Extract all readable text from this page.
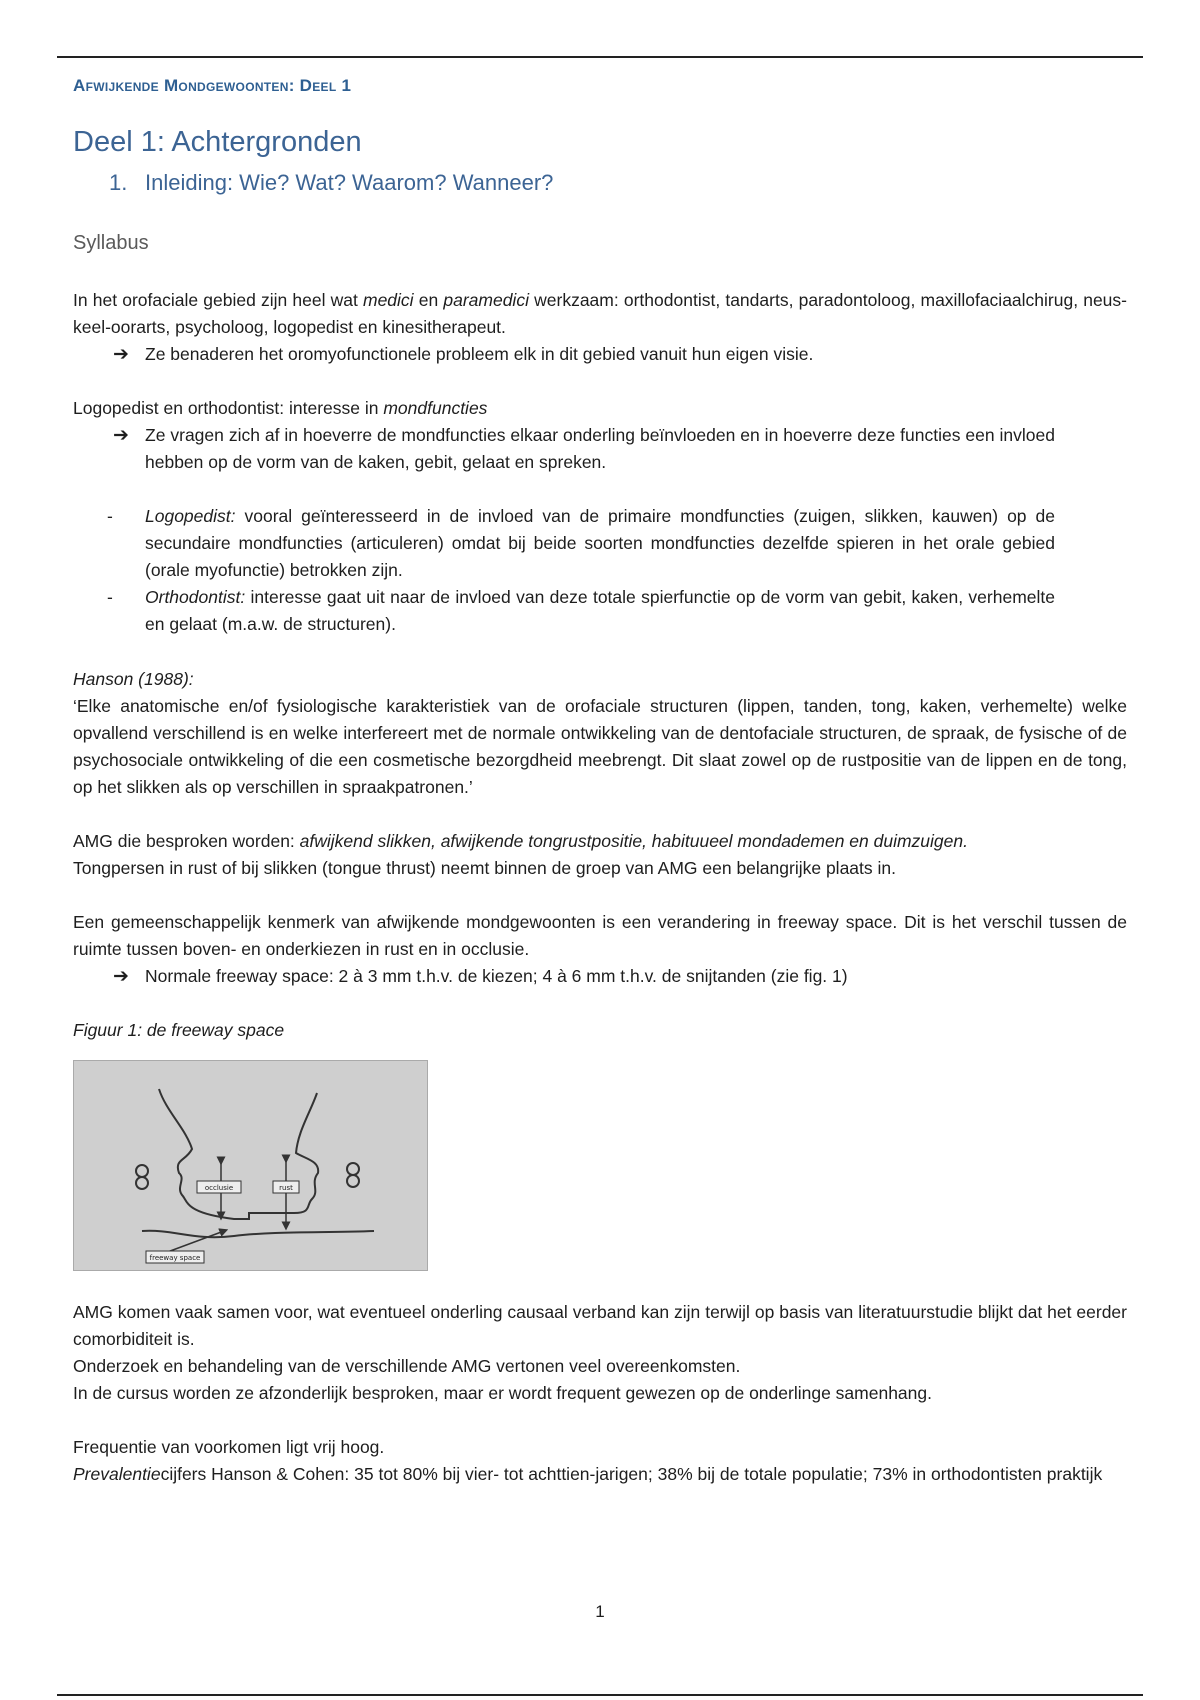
Afwijkende Mondgewoonten: Deel 1
Deel 1: Achtergronden
1. Inleiding: Wie? Wat? Waarom? Wanneer?
Syllabus

In het orofaciale gebied zijn heel wat medici en paramedici werkzaam: orthodontist, tandarts, paradontoloog, maxillofaciaalchirug, neus-keel-oorarts, psycholoog, logopedist en kinesitherapeut.

➔ Ze benaderen het oromyofunctionele probleem elk in dit gebied vanuit hun eigen visie.

Logopedist en orthodontist: interesse in mondfuncties

➔ Ze vragen zich af in hoeverre de mondfuncties elkaar onderling beïnvloeden en in hoeverre deze functies een invloed hebben op de vorm van de kaken, gebit, gelaat en spreken.
- Logopedist: vooral geïnteresseerd in de invloed van de primaire mondfuncties (zuigen, slikken, kauwen) op de secundaire mondfuncties (articuleren) omdat bij beide soorten mondfuncties dezelfde spieren in het orale gebied (orale myofunctie) betrokken zijn.
- Orthodontist: interesse gaat uit naar de invloed van deze totale spierfunctie op de vorm van gebit, kaken, verhemelte en gelaat (m.a.w. de structuren).

Hanson (1988):

‘Elke anatomische en/of fysiologische karakteristiek van de orofaciale structuren (lippen, tanden, tong, kaken, verhemelte) welke opvallend verschillend is en welke interfereert met de normale ontwikkeling van de dentofaciale structuren, de spraak, de fysische of de psychosociale ontwikkeling of die een cosmetische bezorgdheid meebrengt. Dit slaat zowel op de rustpositie van de lippen en de tong, op het slikken als op verschillen in spraakpatronen.’

AMG die besproken worden: afwijkend slikken, afwijkende tongrustpositie, habituueel mondademen en duimzuigen.
Tongpersen in rust of bij slikken (tongue thrust) neemt binnen de groep van AMG een belangrijke plaats in.

Een gemeenschappelijk kenmerk van afwijkende mondgewoonten is een verandering in freeway space. Dit is het verschil tussen de ruimte tussen boven- en onderkiezen in rust en in occlusie.

➔ Normale freeway space: 2 à 3 mm t.h.v. de kiezen; 4 à 6 mm t.h.v. de snijtanden (zie fig. 1)

Figuur 1: de freeway space

occlusie	rust
freeway space

AMG komen vaak samen voor, wat eventueel onderling causaal verband kan zijn terwijl op basis van literatuurstudie blijkt dat het eerder comorbiditeit is.

Onderzoek en behandeling van de verschillende AMG vertonen veel overeenkomsten.

In de cursus worden ze afzonderlijk besproken, maar er wordt frequent gewezen op de onderlinge samenhang.

Frequentie van voorkomen ligt vrij hoog.

Prevalentiecijfers Hanson & Cohen: 35 tot 80% bij vier- tot achttien-jarigen; 38% bij de totale populatie; 73% in orthodontisten praktijk

1
